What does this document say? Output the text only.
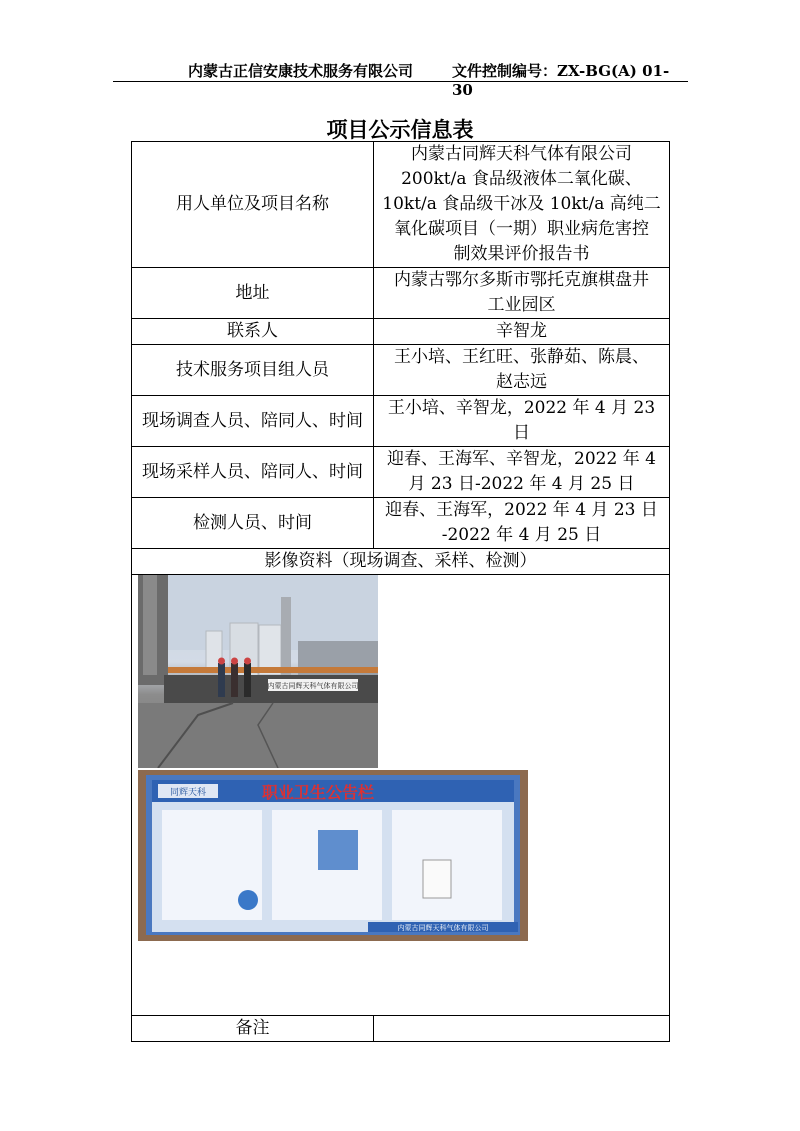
内蒙古正信安康技术服务有限公司	文件控制编号：ZX-BG(A) 01-30
项目公示信息表
用人单位及项目名称	内蒙古同辉天科气体有限公司
200kt/a 食品级液体二氧化碳、
10kt/a 食品级干冰及 10kt/a 高纯二
氧化碳项目（一期）职业病危害控
制效果评价报告书

地址	内蒙古鄂尔多斯市鄂托克旗棋盘井
工业园区

联系人	辛智龙

技术服务项目组人员	王小培、王红旺、张静茹、陈晨、
赵志远

现场调查人员、陪同人、时间	王小培、辛智龙，2022 年 4 月 23
日

现场采样人员、陪同人、时间	迎春、王海军、辛智龙，2022 年 4
月 23 日-2022 年 4 月 25 日

检测人员、时间	迎春、王海军，2022 年 4 月 23 日
-2022 年 4 月 25 日

影像资料（现场调查、采样、检测）	

内蒙古同辉天科气体有限公司
同辉天科 职业卫生公告栏
内蒙古同辉天科气体有限公司	

备注	
